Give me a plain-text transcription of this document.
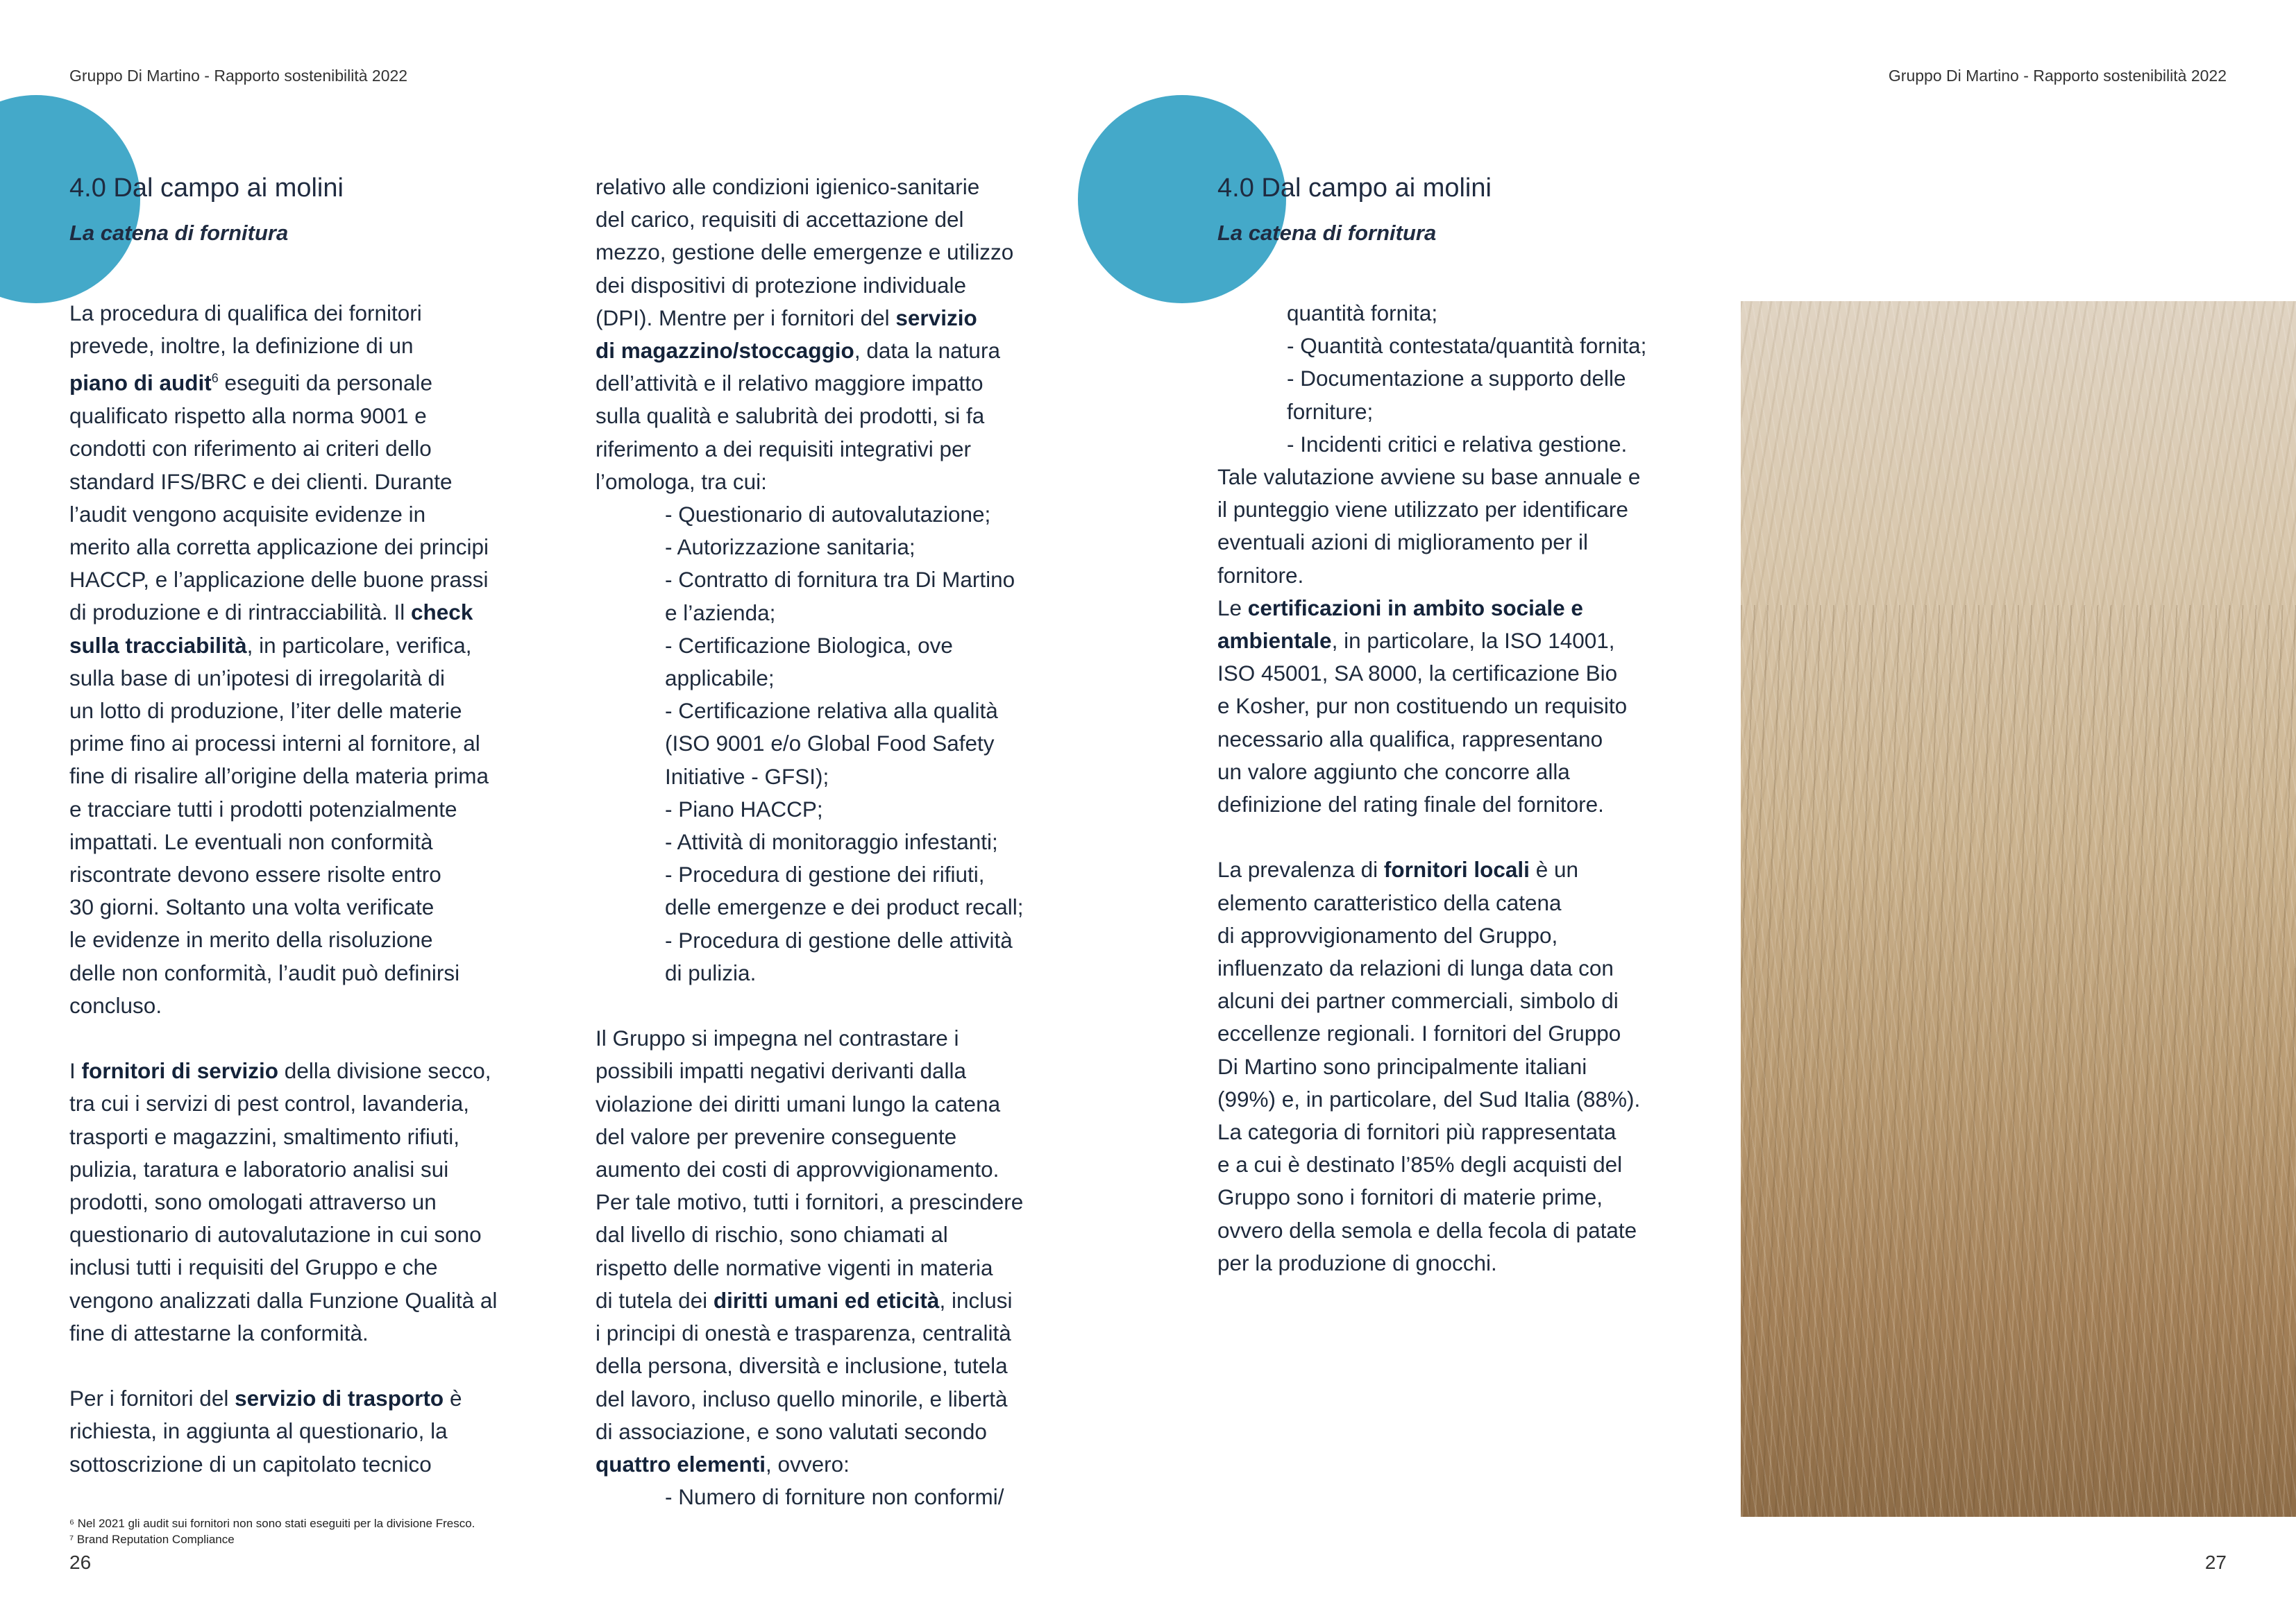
Gruppo Di Martino - Rapporto sostenibilità 2022	Gruppo Di Martino - Rapporto sostenibilità 2022
4.0 Dal campo ai molini
La catena di fornitura
4.0 Dal campo ai molini
La catena di fornitura

La procedura di qualifica dei fornitori

prevede, inoltre, la definizione di un

piano di audit$^6$ eseguiti da personale

qualificato rispetto alla norma 9001 e

condotti con riferimento ai criteri dello

standard IFS/BRC e dei clienti. Durante

l’audit vengono acquisite evidenze in

merito alla corretta applicazione dei principi

HACCP, e l’applicazione delle buone prassi

di produzione e di rintracciabilità. Il check

sulla tracciabilità, in particolare, verifica,

sulla base di un’ipotesi di irregolarità di

un lotto di produzione, l’iter delle materie

prime fino ai processi interni al fornitore, al

fine di risalire all’origine della materia prima

e tracciare tutti i prodotti potenzialmente

impattati. Le eventuali non conformità

riscontrate devono essere risolte entro

30 giorni. Soltanto una volta verificate

le evidenze in merito della risoluzione

delle non conformità, l’audit può definirsi

concluso.

I fornitori di servizio della divisione secco,

tra cui i servizi di pest control, lavanderia,

trasporti e magazzini, smaltimento rifiuti,

pulizia, taratura e laboratorio analisi sui

prodotti, sono omologati attraverso un

questionario di autovalutazione in cui sono

inclusi tutti i requisiti del Gruppo e che

vengono analizzati dalla Funzione Qualità al

fine di attestarne la conformità.

Per i fornitori del servizio di trasporto è

richiesta, in aggiunta al questionario, la

sottoscrizione di un capitolato tecnico

relativo alle condizioni igienico-sanitarie

del carico, requisiti di accettazione del

mezzo, gestione delle emergenze e utilizzo

dei dispositivi di protezione individuale

(DPI). Mentre per i fornitori del servizio

di magazzino/stoccaggio, data la natura

dell’attività e il relativo maggiore impatto

sulla qualità e salubrità dei prodotti, si fa

riferimento a dei requisiti integrativi per

l’omologa, tra cui:

- Questionario di autovalutazione;

- Autorizzazione sanitaria;

- Contratto di fornitura tra Di Martino

e l’azienda;

- Certificazione Biologica, ove

applicabile;

- Certificazione relativa alla qualità

(ISO 9001 e/o Global Food Safety

Initiative - GFSI);

- Piano HACCP;

- Attività di monitoraggio infestanti;

- Procedura di gestione dei rifiuti,

delle emergenze e dei product recall;

- Procedura di gestione delle attività

di pulizia.

Il Gruppo si impegna nel contrastare i

possibili impatti negativi derivanti dalla

violazione dei diritti umani lungo la catena

del valore per prevenire conseguente

aumento dei costi di approvvigionamento.

Per tale motivo, tutti i fornitori, a prescindere

dal livello di rischio, sono chiamati al

rispetto delle normative vigenti in materia

di tutela dei diritti umani ed eticità, inclusi

i principi di onestà e trasparenza, centralità

della persona, diversità e inclusione, tutela

del lavoro, incluso quello minorile, e libertà

di associazione, e sono valutati secondo

quattro elementi, ovvero:

- Numero di forniture non conformi/

quantità fornita;

- Quantità contestata/quantità fornita;

- Documentazione a supporto delle

forniture;

- Incidenti critici e relativa gestione.

Tale valutazione avviene su base annuale e

il punteggio viene utilizzato per identificare

eventuali azioni di miglioramento per il

fornitore.

Le certificazioni in ambito sociale e

ambientale, in particolare, la ISO 14001,

ISO 45001, SA 8000, la certificazione Bio

e Kosher, pur non costituendo un requisito

necessario alla qualifica, rappresentano

un valore aggiunto che concorre alla

definizione del rating finale del fornitore.

La prevalenza di fornitori locali è un

elemento caratteristico della catena

di approvvigionamento del Gruppo,

influenzato da relazioni di lunga data con

alcuni dei partner commerciali, simbolo di

eccellenze regionali. I fornitori del Gruppo

Di Martino sono principalmente italiani

(99%) e, in particolare, del Sud Italia (88%).

La categoria di fornitori più rappresentata

e a cui è destinato l’85% degli acquisti del

Gruppo sono i fornitori di materie prime,

ovvero della semola e della fecola di patate

per la produzione di gnocchi.

⁶ Nel 2021 gli audit sui fornitori non sono stati eseguiti per la divisione Fresco.
⁷ Brand Reputation Compliance
26	27
